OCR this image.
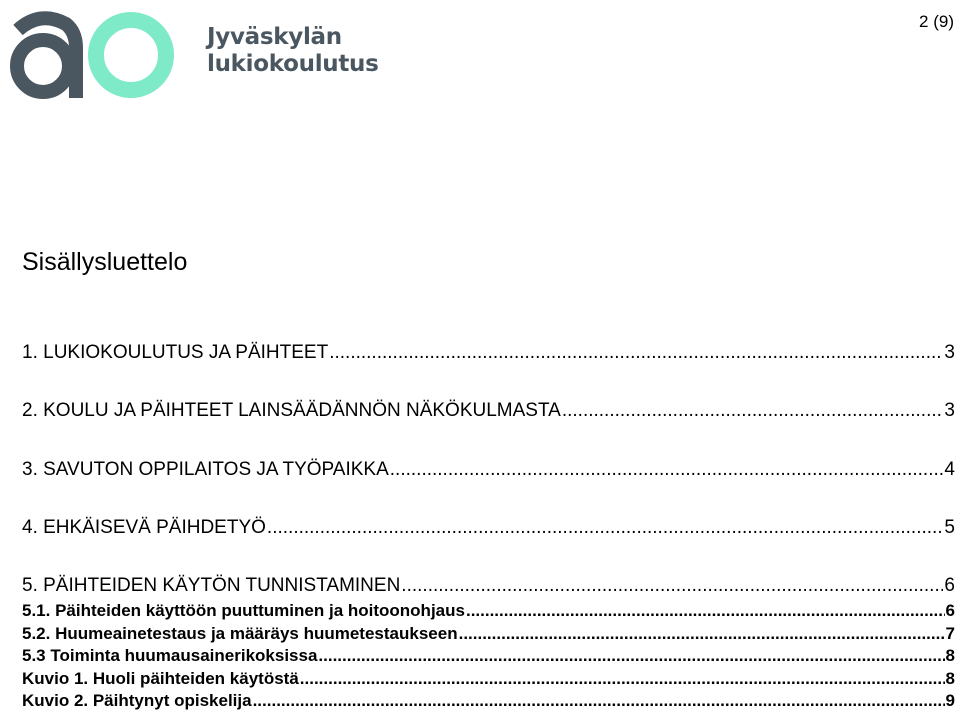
Jyväskylän
lukiokoulutus
2 (9)
Sisällysluettelo
1. LUKIOKOULUTUS JA PÄIHTEET .....	3
2. KOULU JA PÄIHTEET LAINSÄÄDÄNNÖN NÄKÖKULMASTA .....	3
3. SAVUTON OPPILAITOS JA TYÖPAIKKA .....	4
4. EHKÄISEVÄ PÄIHDETYÖ .....	5
5. PÄIHTEIDEN KÄYTÖN TUNNISTAMINEN .....	6
5.1. Päihteiden käyttöön puuttuminen ja hoitoonohjaus .....	6
5.2. Huumeainetestaus ja määräys huumetestaukseen .....	7
5.3 Toiminta huumausainerikoksissa .....	8
Kuvio 1. Huoli päihteiden käytöstä .....	8
Kuvio 2. Päihtynyt opiskelija .....	9
